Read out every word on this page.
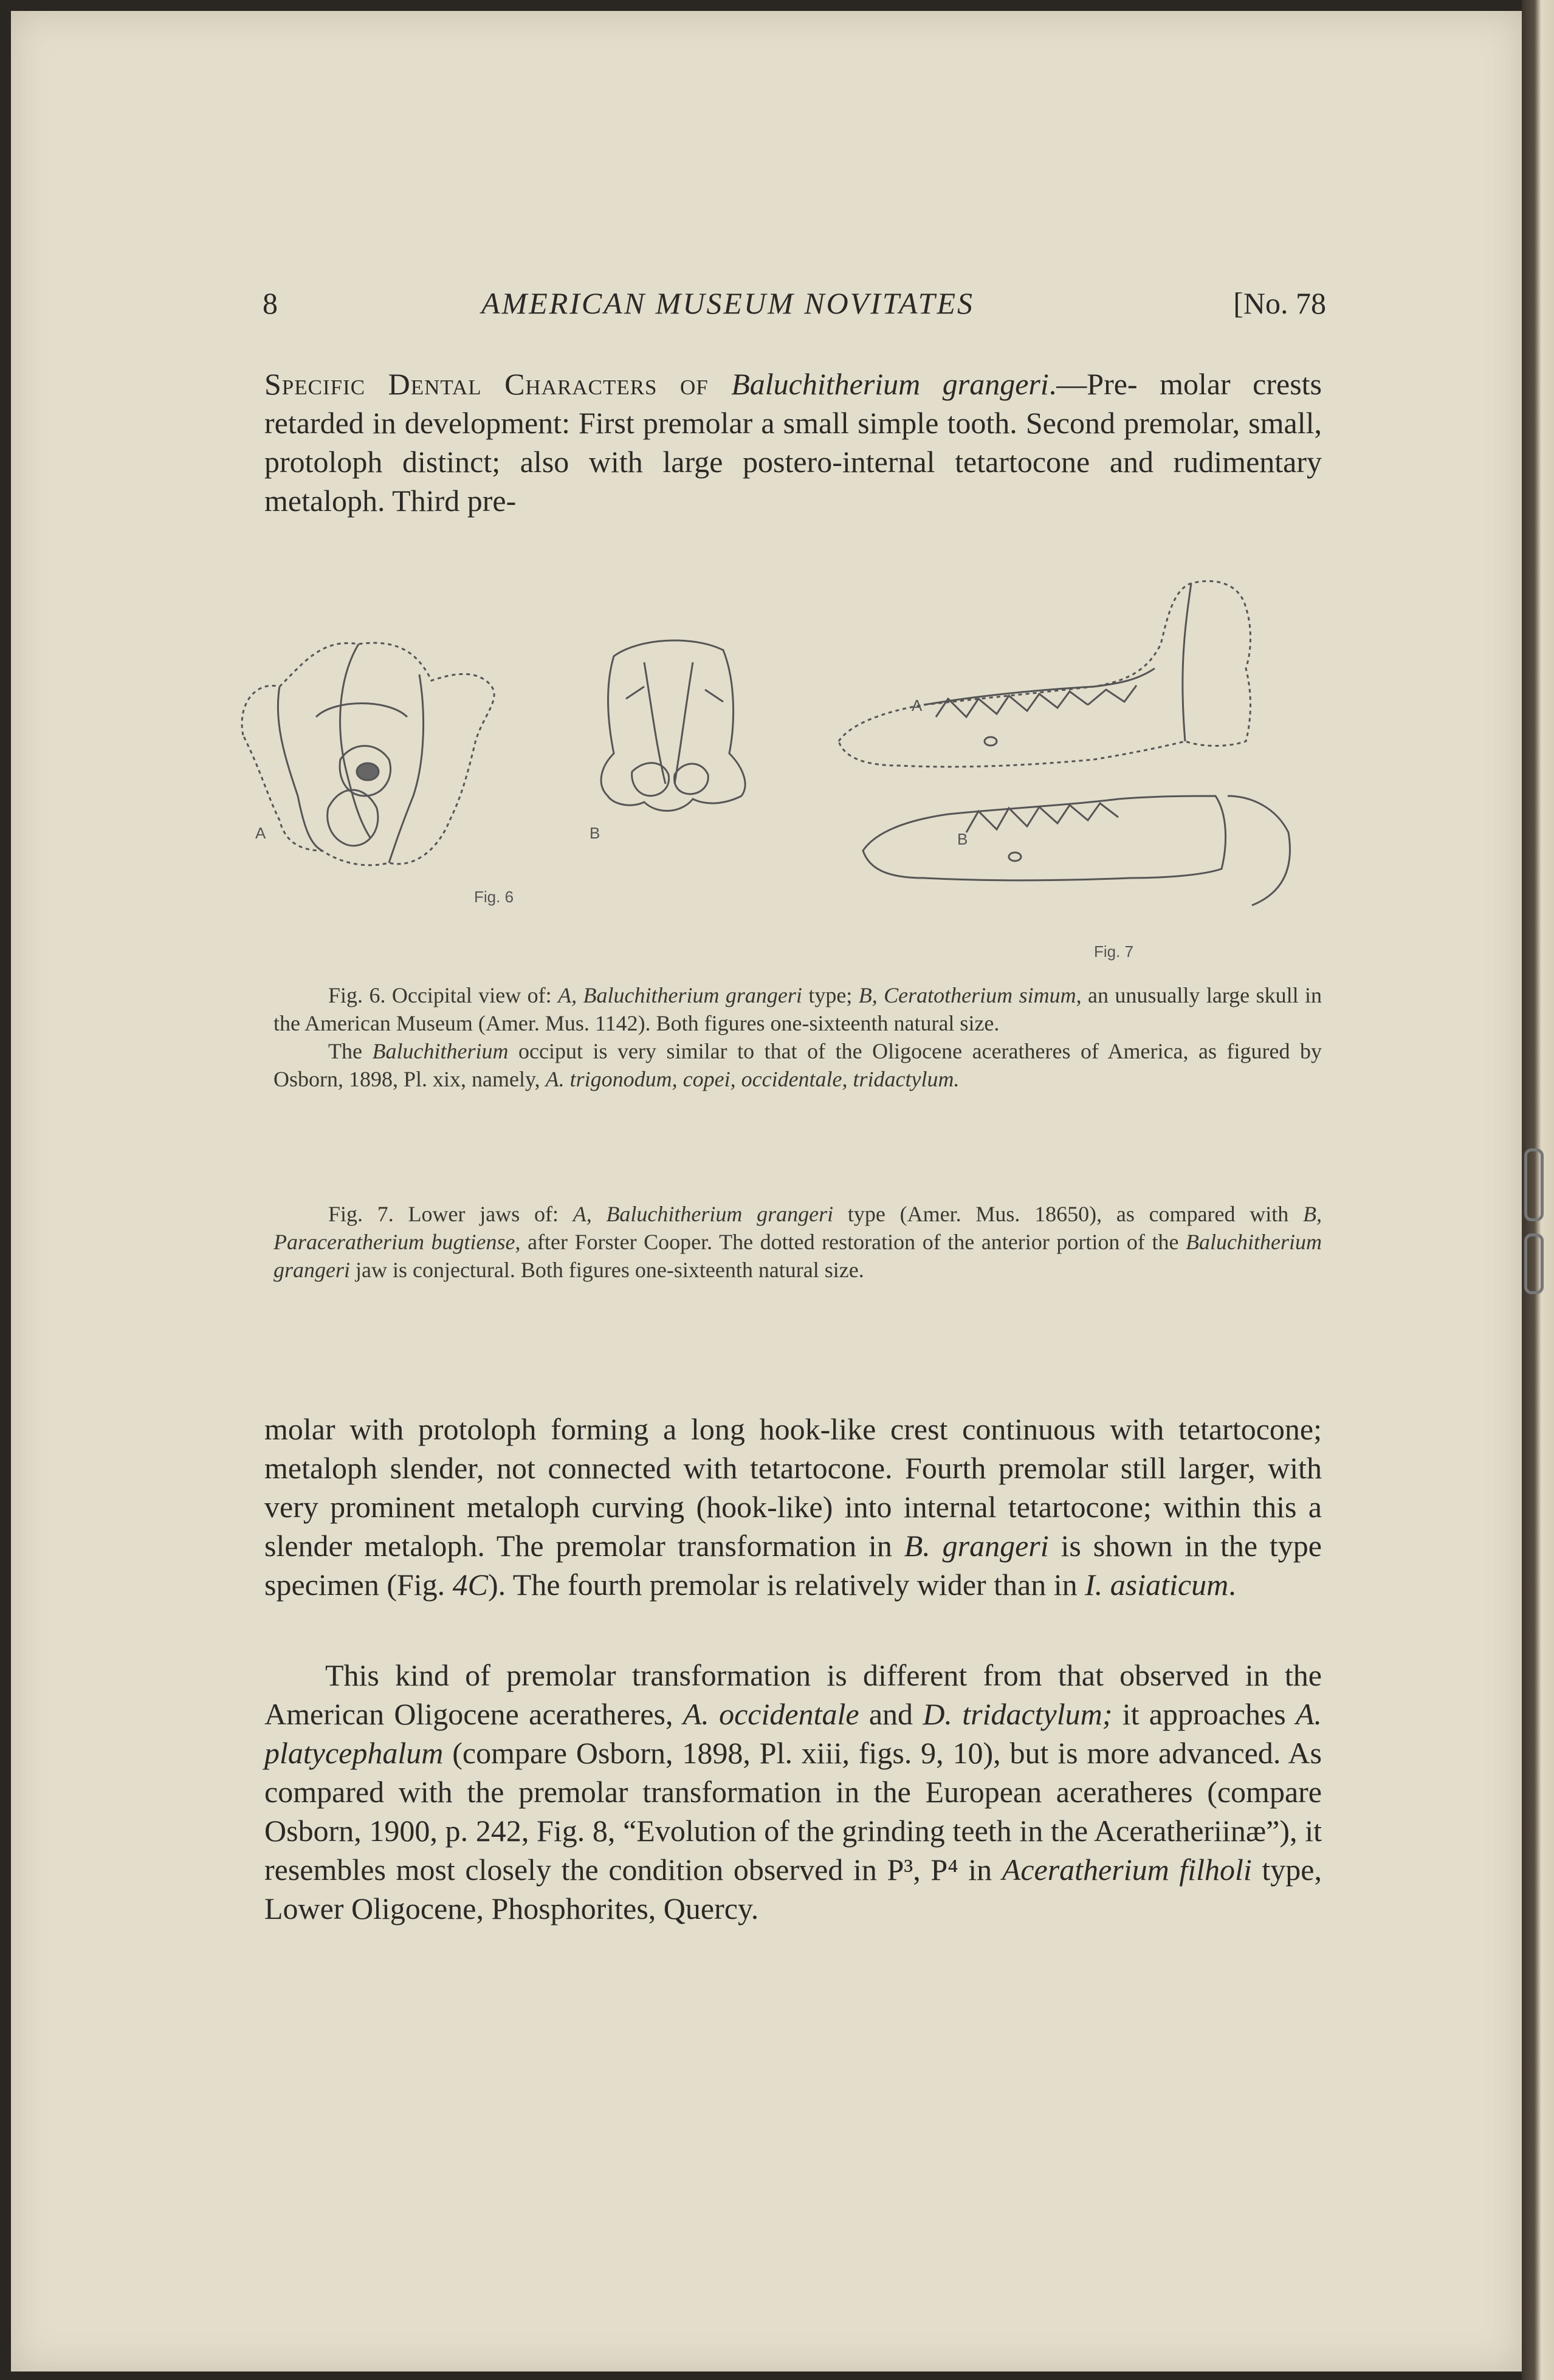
8	AMERICAN MUSEUM NOVITATES	[No. 78
Specific Dental Characters of Baluchitherium grangeri.—Pre- molar crests retarded in development: First premolar a small simple tooth. Second premolar, small, protoloph distinct; also with large postero-internal tetartocone and rudimentary metaloph. Third pre-
A	B
A
B
Fig. 6
Fig. 7

Fig. 6. Occipital view of: A, Baluchitherium grangeri type; B, Ceratotherium simum, an unusually large skull in the American Museum (Amer. Mus. 1142). Both figures one-sixteenth natural size.

The Baluchitherium occiput is very similar to that of the Oligocene aceratheres of America, as figured by Osborn, 1898, Pl. xix, namely, A. trigonodum, copei, occidentale, tridactylum.

Fig. 7. Lower jaws of: A, Baluchitherium grangeri type (Amer. Mus. 18650), as compared with B, Paraceratherium bugtiense, after Forster Cooper. The dotted restoration of the anterior portion of the Baluchitherium grangeri jaw is conjectural. Both figures one-sixteenth natural size.

molar with protoloph forming a long hook-like crest continuous with tetartocone; metaloph slender, not connected with tetartocone. Fourth premolar still larger, with very prominent metaloph curving (hook-like) into internal tetartocone; within this a slender metaloph. The premolar transformation in B. grangeri is shown in the type specimen (Fig. 4C). The fourth premolar is relatively wider than in I. asiaticum.
This kind of premolar transformation is different from that observed in the American Oligocene aceratheres, A. occidentale and D. tridactylum; it approaches A. platycephalum (compare Osborn, 1898, Pl. xiii, figs. 9, 10), but is more advanced. As compared with the premolar transformation in the European aceratheres (compare Osborn, 1900, p. 242, Fig. 8, “Evolution of the grinding teeth in the Aceratheriinæ”), it resembles most closely the condition observed in P³, P⁴ in Aceratherium filholi type, Lower Oligocene, Phosphorites, Quercy.
